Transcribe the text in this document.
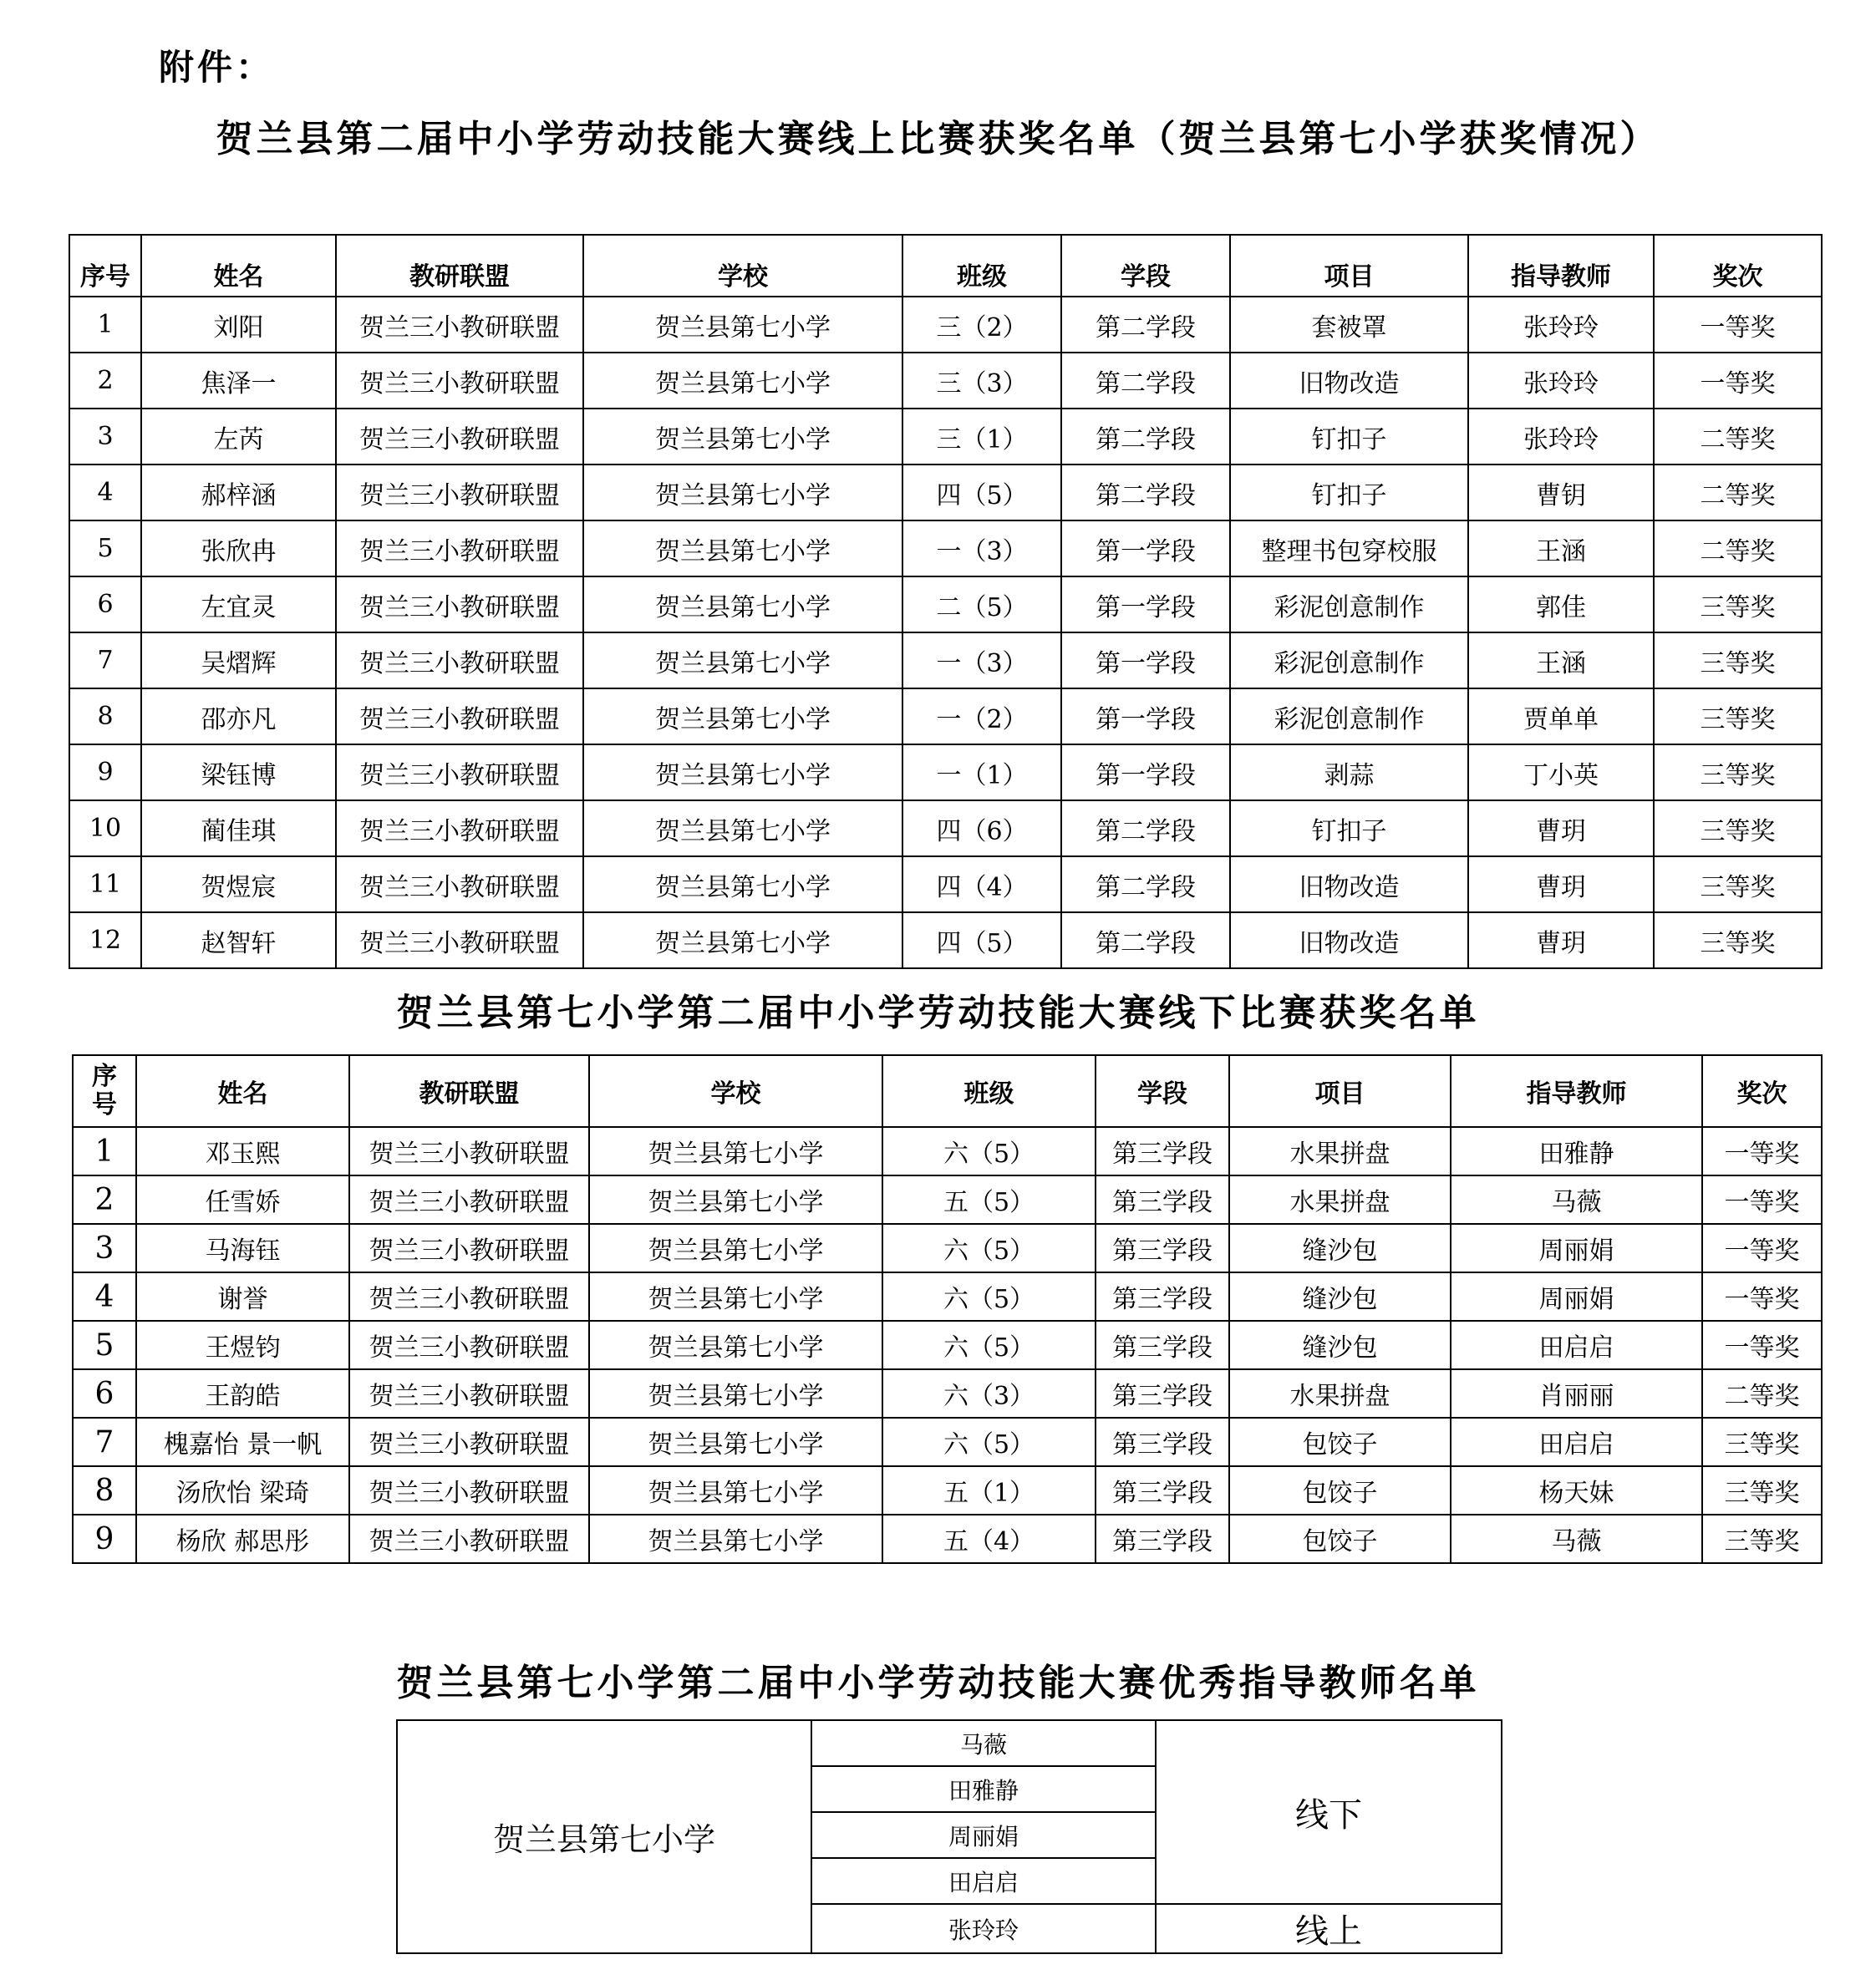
附件：
贺兰县第二届中小学劳动技能大赛线上比赛获奖名单（贺兰县第七小学获奖情况）
序号	姓名	教研联盟	学校	班级	学段	项目	指导教师	奖次
1	刘阳	贺兰三小教研联盟	贺兰县第七小学	三（2）	第二学段	套被罩	张玲玲	一等奖
2	焦泽一	贺兰三小教研联盟	贺兰县第七小学	三（3）	第二学段	旧物改造	张玲玲	一等奖
3	左芮	贺兰三小教研联盟	贺兰县第七小学	三（1）	第二学段	钉扣子	张玲玲	二等奖
4	郝梓涵	贺兰三小教研联盟	贺兰县第七小学	四（5）	第二学段	钉扣子	曹钥	二等奖
5	张欣冉	贺兰三小教研联盟	贺兰县第七小学	一（3）	第一学段	整理书包穿校服	王涵	二等奖
6	左宜灵	贺兰三小教研联盟	贺兰县第七小学	二（5）	第一学段	彩泥创意制作	郭佳	三等奖
7	吴熠辉	贺兰三小教研联盟	贺兰县第七小学	一（3）	第一学段	彩泥创意制作	王涵	三等奖
8	邵亦凡	贺兰三小教研联盟	贺兰县第七小学	一（2）	第一学段	彩泥创意制作	贾单单	三等奖
9	梁钰博	贺兰三小教研联盟	贺兰县第七小学	一（1）	第一学段	剥蒜	丁小英	三等奖
10	蔺佳琪	贺兰三小教研联盟	贺兰县第七小学	四（6）	第二学段	钉扣子	曹玥	三等奖
11	贺煜宸	贺兰三小教研联盟	贺兰县第七小学	四（4）	第二学段	旧物改造	曹玥	三等奖
12	赵智轩	贺兰三小教研联盟	贺兰县第七小学	四（5）	第二学段	旧物改造	曹玥	三等奖
贺兰县第七小学第二届中小学劳动技能大赛线下比赛获奖名单
序号	姓名	教研联盟	学校	班级	学段	项目	指导教师	奖次
1	邓玉熙	贺兰三小教研联盟	贺兰县第七小学	六（5）	第三学段	水果拼盘	田雅静	一等奖
2	任雪娇	贺兰三小教研联盟	贺兰县第七小学	五（5）	第三学段	水果拼盘	马薇	一等奖
3	马海钰	贺兰三小教研联盟	贺兰县第七小学	六（5）	第三学段	缝沙包	周丽娟	一等奖
4	谢誉	贺兰三小教研联盟	贺兰县第七小学	六（5）	第三学段	缝沙包	周丽娟	一等奖
5	王煜钧	贺兰三小教研联盟	贺兰县第七小学	六（5）	第三学段	缝沙包	田启启	一等奖
6	王韵皓	贺兰三小教研联盟	贺兰县第七小学	六（3）	第三学段	水果拼盘	肖丽丽	二等奖
7	槐嘉怡 景一帆	贺兰三小教研联盟	贺兰县第七小学	六（5）	第三学段	包饺子	田启启	三等奖
8	汤欣怡 梁琦	贺兰三小教研联盟	贺兰县第七小学	五（1）	第三学段	包饺子	杨天妹	三等奖
9	杨欣 郝思彤	贺兰三小教研联盟	贺兰县第七小学	五（4）	第三学段	包饺子	马薇	三等奖
贺兰县第七小学第二届中小学劳动技能大赛优秀指导教师名单
贺兰县第七小学	马薇	线下
	田雅静	
	周丽娟	
	田启启	
	张玲玲	线上
